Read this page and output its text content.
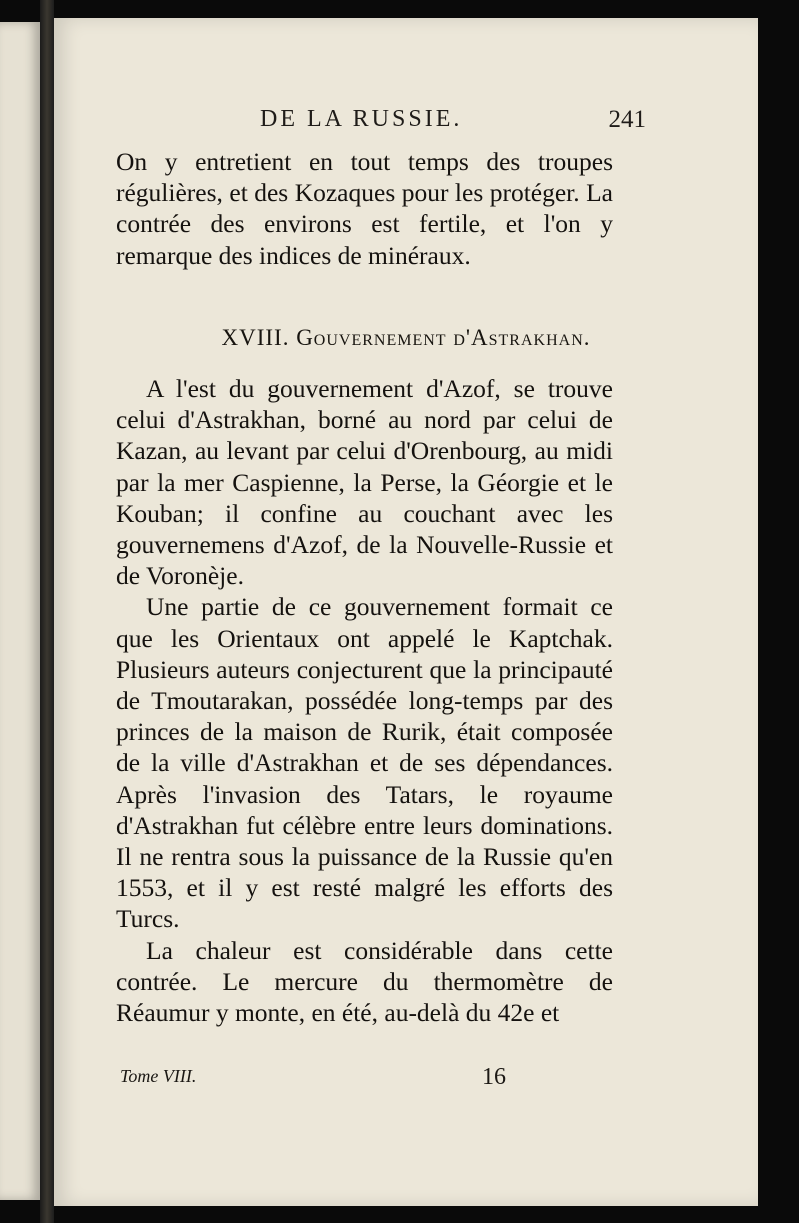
DE LA RUSSIE.	241

On y entretient en tout temps des troupes régulières, et des Kozaques pour les protéger. La contrée des environs est fertile, et l'on y remarque des indices de minéraux.

XVIII. Gouvernement d'Astrakhan.

A l'est du gouvernement d'Azof, se trouve celui d'Astrakhan, borné au nord par celui de Kazan, au levant par celui d'Orenbourg, au midi par la mer Caspienne, la Perse, la Géorgie et le Kouban; il confine au couchant avec les gouvernemens d'Azof, de la Nouvelle-Russie et de Voronèje.

Une partie de ce gouvernement formait ce que les Orientaux ont appelé le Kaptchak. Plusieurs auteurs conjecturent que la principauté de Tmoutarakan, possédée long-temps par des princes de la maison de Rurik, était composée de la ville d'Astrakhan et de ses dépendances. Après l'invasion des Tatars, le royaume d'Astrakhan fut célèbre entre leurs dominations. Il ne rentra sous la puissance de la Russie qu'en 1553, et il y est resté malgré les efforts des Turcs.

La chaleur est considérable dans cette contrée. Le mercure du thermomètre de Réaumur y monte, en été, au-delà du 42e et

Tome VIII.	16
